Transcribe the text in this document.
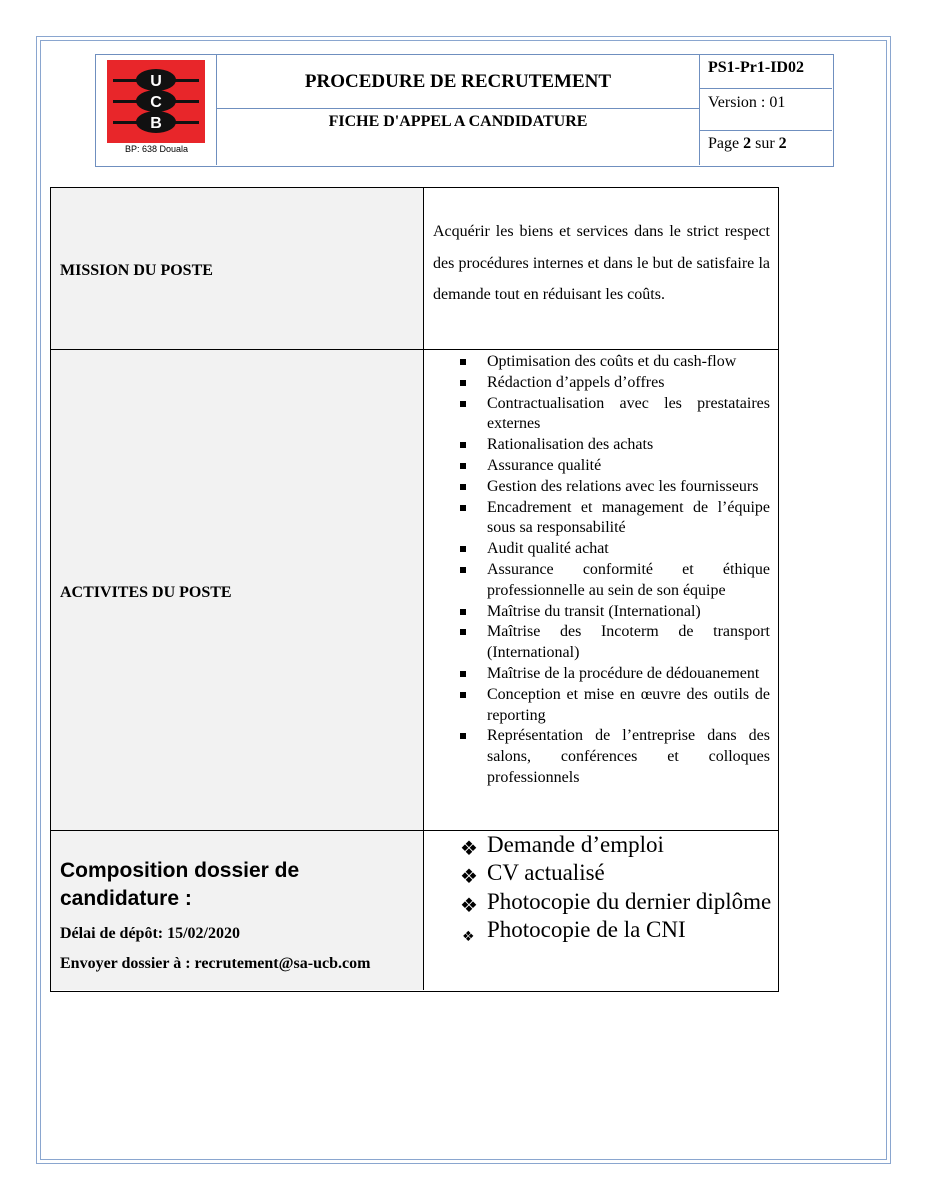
U
C
B
BP: 638 Douala
PROCEDURE DE RECRUTEMENT
FICHE D'APPEL A CANDIDATURE
PS1-Pr1-ID02
Version : 01
Page 2 sur 2
MISSION DU POSTE
Acquérir les biens et services dans le strict respect des procédures internes et dans le but de satisfaire la demande tout en réduisant les coûts.
ACTIVITES DU POSTE
Optimisation des coûts et du cash-flow
Rédaction d’appels d’offres
Contractualisation avec les prestataires externes
Rationalisation des achats
Assurance qualité
Gestion des relations avec les fournisseurs
Encadrement et management de l’équipe sous sa responsabilité
Audit qualité achat
Assurance conformité et éthique professionnelle au sein de son équipe
Maîtrise du transit (International)
Maîtrise des Incoterm de transport (International)
Maîtrise de la procédure de dédouanement
Conception et mise en œuvre des outils de reporting
Représentation de l’entreprise dans des salons, conférences et colloques professionnels
Composition dossier de candidature :
Délai de dépôt: 15/02/2020
Envoyer dossier à : recrutement@sa-ucb.com
❖ Demande d’emploi
❖ CV actualisé
❖ Photocopie du dernier diplôme
❖ Photocopie de la CNI
